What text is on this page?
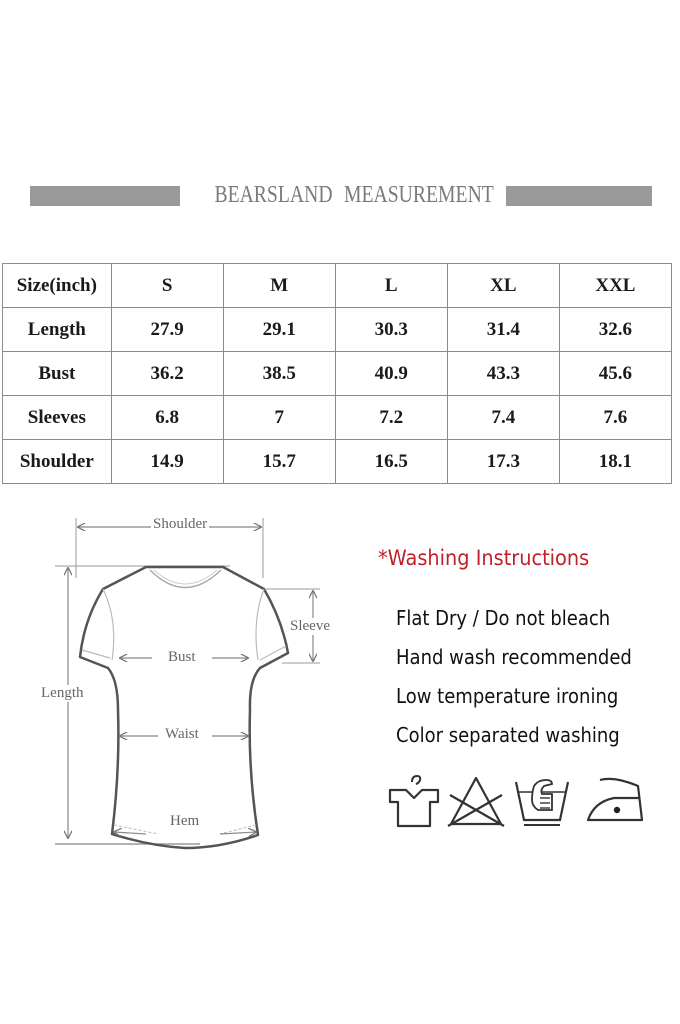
BEARSLAND MEASUREMENT
Size(inch)	S	M	L	XL	XXL
Length	27.9	29.1	30.3	31.4	32.6
Bust	36.2	38.5	40.9	43.3	45.6
Sleeves	6.8	7	7.2	7.4	7.6
Shoulder	14.9	15.7	16.5	17.3	18.1
Shoulder
Sleeve
Bust
Length
Waist
Hem
*Washing Instructions
Flat Dry / Do not bleach
Hand wash recommended
Low temperature ironing
Color separated washing
